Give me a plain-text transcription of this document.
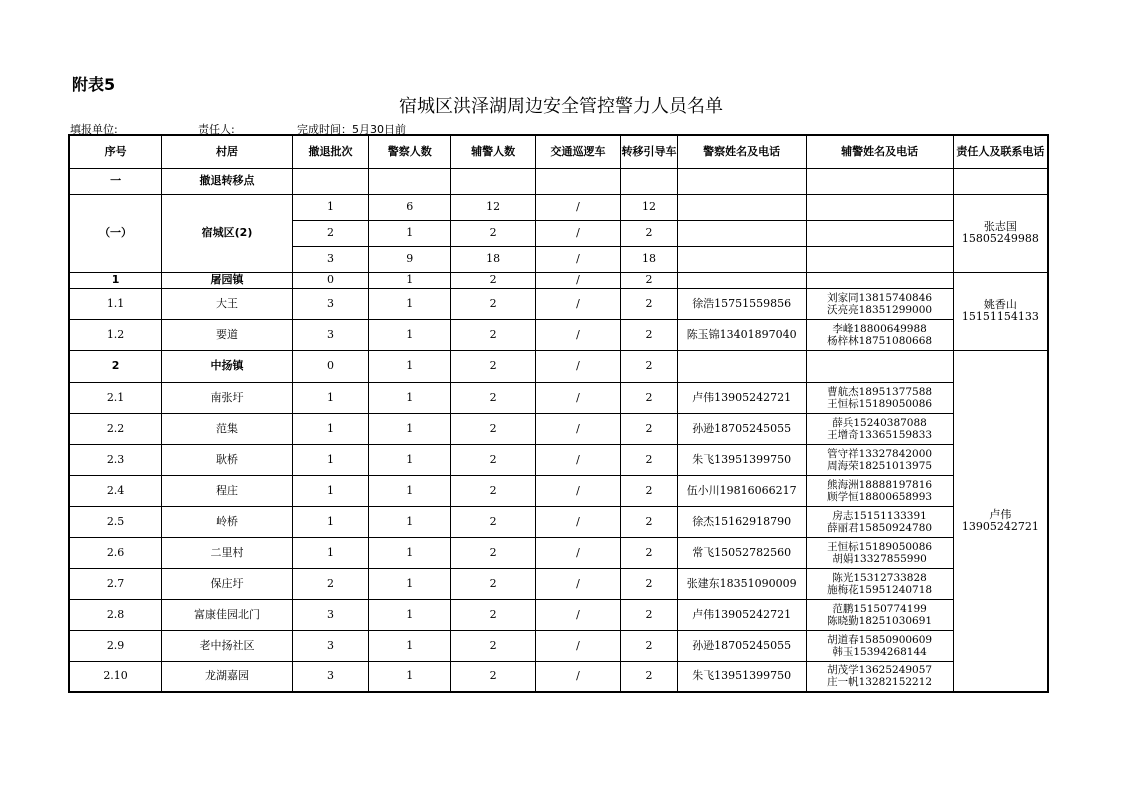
附表5
宿城区洪泽湖周边安全管控警力人员名单
填报单位:	责任人:	完成时间：5月30日前
序号	村居	撤退批次	警察人数	辅警人数	交通巡逻车	转移引导车	警察姓名及电话	辅警姓名及电话	责任人及联系电话
一	撤退转移点								
（一）	宿城区(2)	1	6	12	/	12			张志国
15805249988
		2	1	2	/	2			
		3	9	18	/	18			
1	屠园镇	0	1	2	/	2			姚香山
15151154133
1.1	大王	3	1	2	/	2	徐浩15751559856	刘家同13815740846
沃亮亮18351299000	
1.2	要道	3	1	2	/	2	陈玉锦13401897040	李峰18800649988
杨梓林18751080668	
2	中扬镇	0	1	2	/	2			卢伟
13905242721
2.1	南张圩	1	1	2	/	2	卢伟13905242721	曹航杰18951377588
王恒标15189050086	
2.2	范集	1	1	2	/	2	孙逊18705245055	薛兵15240387088
王增奇13365159833	
2.3	耿桥	1	1	2	/	2	朱飞13951399750	管守祥13327842000
周海荣18251013975	
2.4	程庄	1	1	2	/	2	伍小川19816066217	熊海洲18888197816
顾学恒18800658993	
2.5	岭桥	1	1	2	/	2	徐杰15162918790	房志15151133391
薛丽君15850924780	
2.6	二里村	1	1	2	/	2	常飞15052782560	王恒标15189050086
胡娟13327855990	
2.7	保庄圩	2	1	2	/	2	张建东18351090009	陈光15312733828
施梅花15951240718	
2.8	富康佳园北门	3	1	2	/	2	卢伟13905242721	范鹏15150774199
陈晓勤18251030691	
2.9	老中扬社区	3	1	2	/	2	孙逊18705245055	胡道春15850900609
韩玉15394268144	
2.10	龙湖嘉园	3	1	2	/	2	朱飞13951399750	胡茂学13625249057
庄一帆13282152212	
